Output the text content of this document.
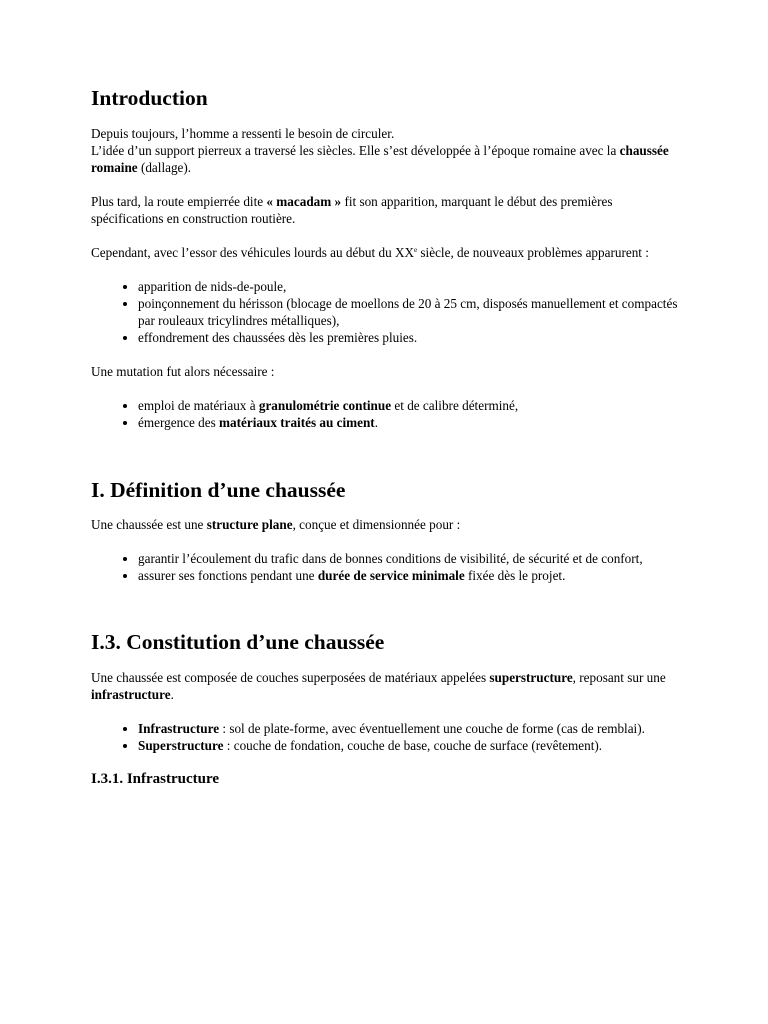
Introduction

Depuis toujours, l’homme a ressenti le besoin de circuler.
L’idée d’un support pierreux a traversé les siècles. Elle s’est développée à l’époque romaine avec la chaussée romaine (dallage).

Plus tard, la route empierrée dite « macadam » fit son apparition, marquant le début des premières spécifications en construction routière.

Cependant, avec l’essor des véhicules lourds au début du XXe siècle, de nouveaux problèmes apparurent :

• apparition de nids-de-poule,
• poinçonnement du hérisson (blocage de moellons de 20 à 25 cm, disposés manuellement et compactés par rouleaux tricylindres métalliques),
• effondrement des chaussées dès les premières pluies.

Une mutation fut alors nécessaire :

• emploi de matériaux à granulométrie continue et de calibre déterminé,
• émergence des matériaux traités au ciment.
I. Définition d’une chaussée

Une chaussée est une structure plane, conçue et dimensionnée pour :

• garantir l’écoulement du trafic dans de bonnes conditions de visibilité, de sécurité et de confort,
• assurer ses fonctions pendant une durée de service minimale fixée dès le projet.
I.3. Constitution d’une chaussée

Une chaussée est composée de couches superposées de matériaux appelées superstructure, reposant sur une infrastructure.

• Infrastructure : sol de plate-forme, avec éventuellement une couche de forme (cas de remblai).
• Superstructure : couche de fondation, couche de base, couche de surface (revêtement).
I.3.1. Infrastructure
